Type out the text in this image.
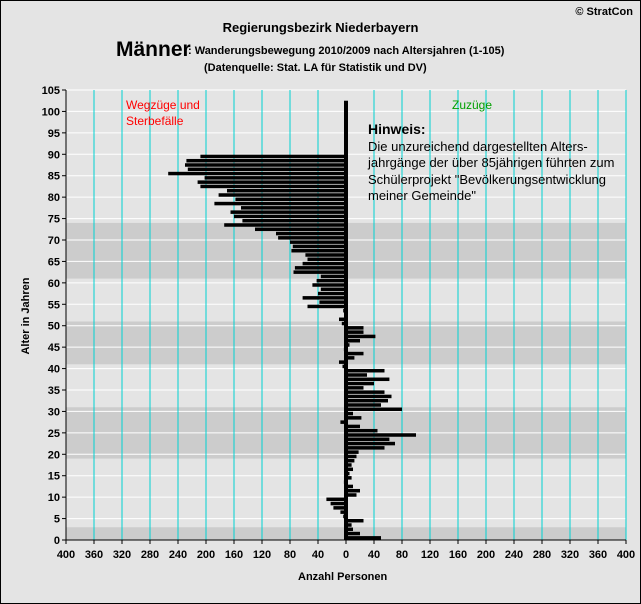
Regierungsbezirk Niederbayern
© StratCon
Männer
: Wanderungsbewegung 2010/2009 nach Altersjahren (1-105)
(Datenquelle: Stat. LA für Statistik und DV)
Alter in Jahren
Anzahl Personen
0
5
10
15
20
25
30
35
40
45
50
55
60
65
70
75
80
85
90
95
100
105
400 360 320 280 240 200 160 120 80 40 0 40 80 120 160 200 240 280 320 360 400
Wegzüge und
Sterbefälle
Zuzüge
Hinweis:
Die unzureichend dargestellten Alters-
jahrgänge der über 85jährigen führten zum
Schülerprojekt "Bevölkerungsentwicklung
meiner Gemeinde"
